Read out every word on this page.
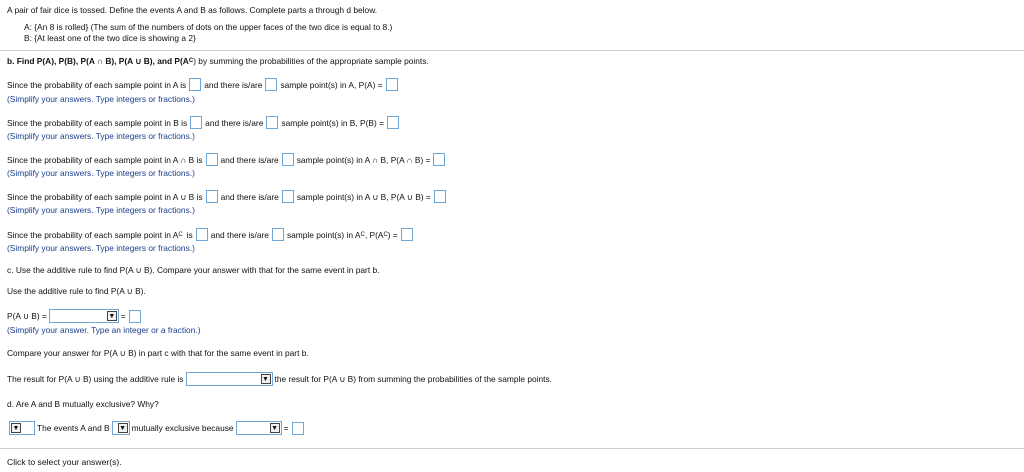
A pair of fair dice is tossed. Define the events A and B as follows. Complete parts a through d below.
A: {An 8 is rolled} (The sum of the numbers of dots on the upper faces of the two dice is equal to 8.)
B: {At least one of the two dice is showing a 2}
b. Find P(A), P(B), P(A ∩ B), P(A ∪ B), and P(A C ) by summing the probabilities of the appropriate sample points.
Since the probability of each sample point in A is and there is/are sample point(s) in A, P(A) =
(Simplify your answers. Type integers or fractions.)
Since the probability of each sample point in B is and there is/are sample point(s) in B, P(B) =
(Simplify your answers. Type integers or fractions.)
Since the probability of each sample point in A ∩ B is and there is/are sample point(s) in A ∩ B, P(A ∩ B) =
(Simplify your answers. Type integers or fractions.)
Since the probability of each sample point in A ∪ B is and there is/are sample point(s) in A ∪ B, P(A ∪ B) =
(Simplify your answers. Type integers or fractions.)
Since the probability of each sample point in A C is and there is/are sample point(s) in A C , P(A C ) =
(Simplify your answers. Type integers or fractions.)
c. Use the additive rule to find P(A ∪ B). Compare your answer with that for the same event in part b.
Use the additive rule to find P(A ∪ B).
P(A ∪ B) =	▼ =
(Simplify your answer. Type an integer or a fraction.)
Compare your answer for P(A ∪ B) in part c with that for the same event in part b.
The result for P(A ∪ B) using the additive rule is	▼ the result for P(A ∪ B) from summing the probabilities of the sample points.
d. Are A and B mutually exclusive? Why?
▼ The events A and B ▼ mutually exclusive because	▼ =
Click to select your answer(s).
